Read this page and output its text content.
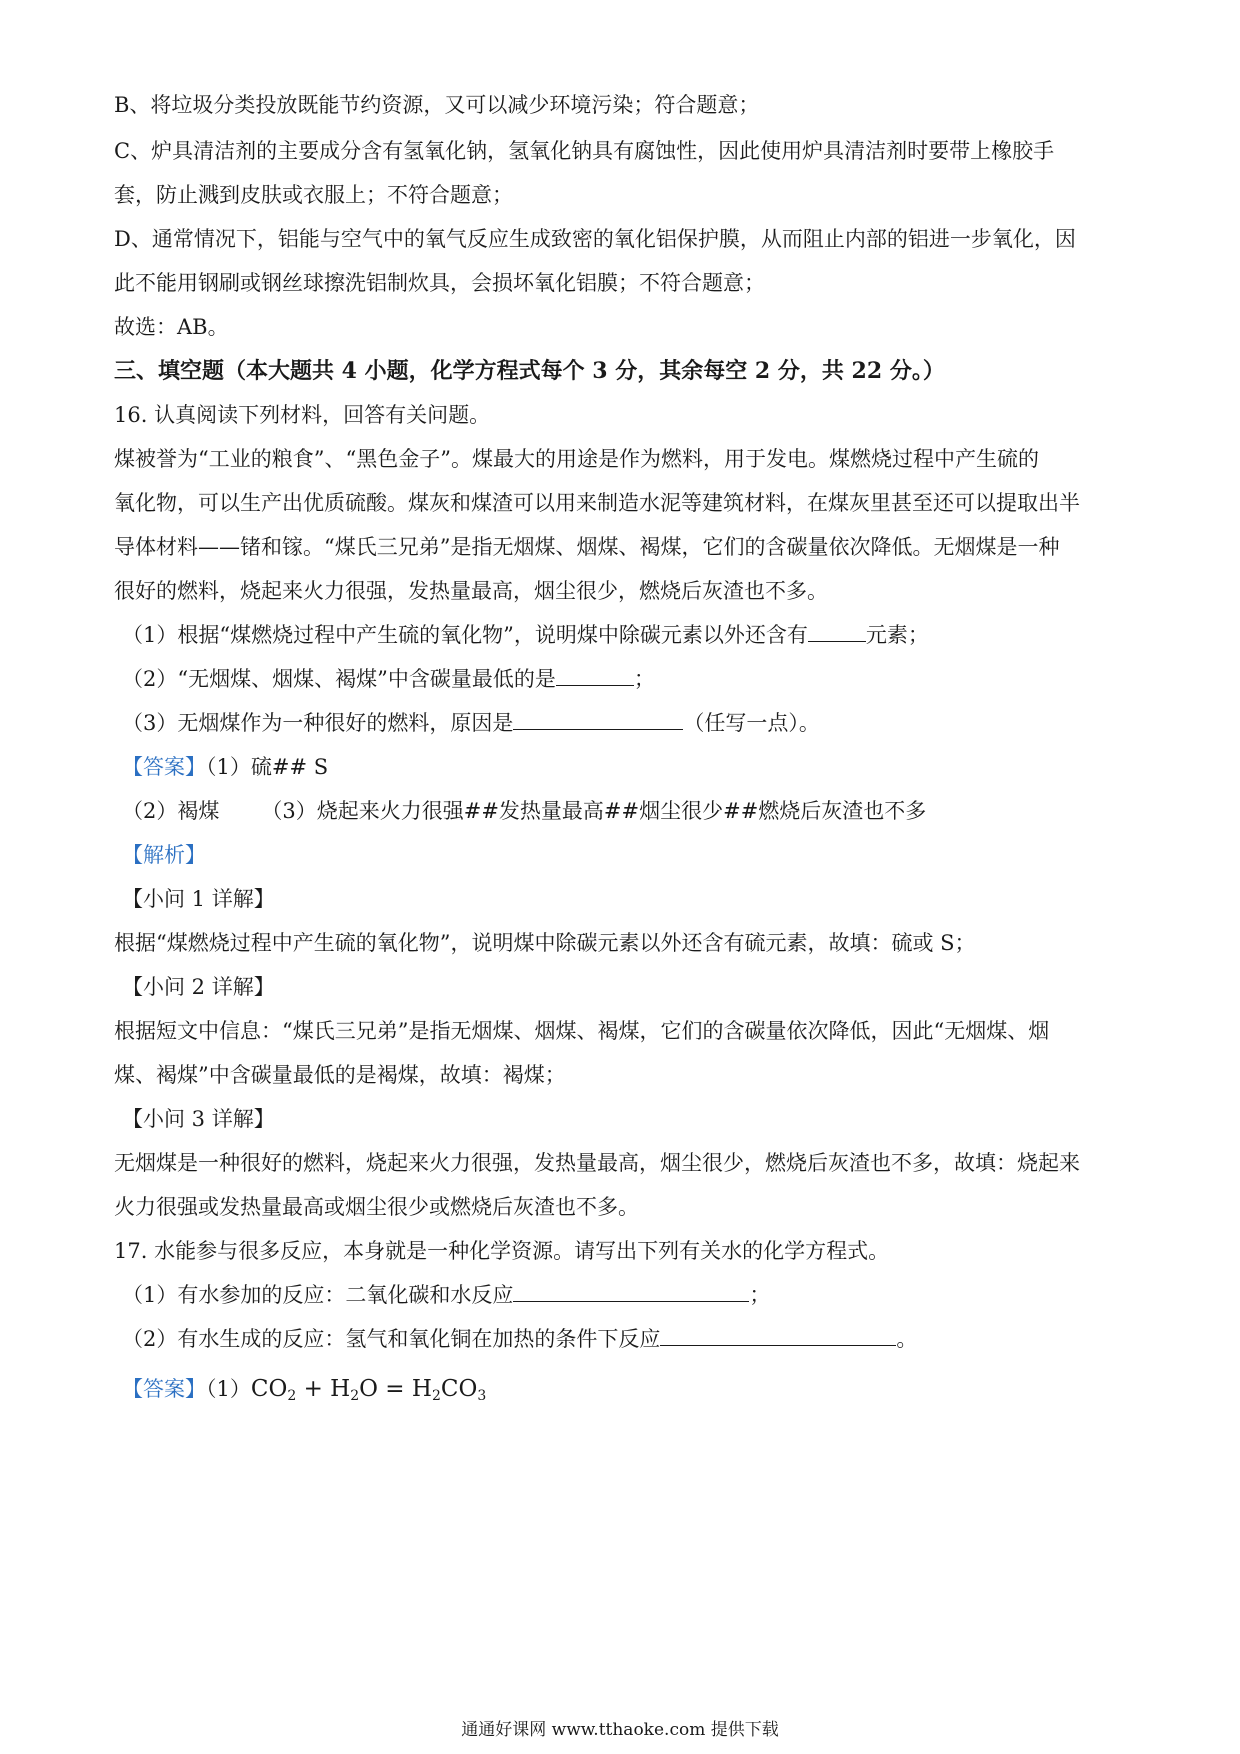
B、将垃圾分类投放既能节约资源，又可以减少环境污染；符合题意；
C、炉具清洁剂的主要成分含有氢氧化钠，氢氧化钠具有腐蚀性，因此使用炉具清洁剂时要带上橡胶手
套，防止溅到皮肤或衣服上；不符合题意；
D、通常情况下，铝能与空气中的氧气反应生成致密的氧化铝保护膜，从而阻止内部的铝进一步氧化，因
此不能用钢刷或钢丝球擦洗铝制炊具，会损坏氧化铝膜；不符合题意；
故选：AB。
三、填空题（本大题共 4 小题，化学方程式每个 3 分，其余每空 2 分，共 22 分。）
16. 认真阅读下列材料，回答有关问题。
煤被誉为“工业的粮食”、“黑色金子”。煤最大的用途是作为燃料，用于发电。煤燃烧过程中产生硫的
氧化物，可以生产出优质硫酸。煤灰和煤渣可以用来制造水泥等建筑材料，在煤灰里甚至还可以提取出半
导体材料——锗和镓。“煤氏三兄弟”是指无烟煤、烟煤、褐煤，它们的含碳量依次降低。无烟煤是一种
很好的燃料，烧起来火力很强，发热量最高，烟尘很少，燃烧后灰渣也不多。
（1）根据“煤燃烧过程中产生硫的氧化物”，说明煤中除碳元素以外还含有	元素；
（2）“无烟煤、烟煤、褐煤”中含碳量最低的是	；
（3）无烟煤作为一种很好的燃料，原因是	（任写一点）。
【答案】（1）硫## S
（2）褐煤 （3）烧起来火力很强##发热量最高##烟尘很少##燃烧后灰渣也不多
【解析】
【小问 1 详解】
根据“煤燃烧过程中产生硫的氧化物”，说明煤中除碳元素以外还含有硫元素，故填：硫或 S；
【小问 2 详解】
根据短文中信息：“煤氏三兄弟”是指无烟煤、烟煤、褐煤，它们的含碳量依次降低，因此“无烟煤、烟
煤、褐煤”中含碳量最低的是褐煤，故填：褐煤；
【小问 3 详解】
无烟煤是一种很好的燃料，烧起来火力很强，发热量最高，烟尘很少，燃烧后灰渣也不多，故填：烧起来
火力很强或发热量最高或烟尘很少或燃烧后灰渣也不多。
17. 水能参与很多反应，本身就是一种化学资源。请写出下列有关水的化学方程式。
（1）有水参加的反应：二氧化碳和水反应	；
（2）有水生成的反应：氢气和氧化铜在加热的条件下反应	。
【答案】$(1)CO_2 + H_2O = H_2CO_3$
通通好课网 www.tthaoke.com 提供下载
